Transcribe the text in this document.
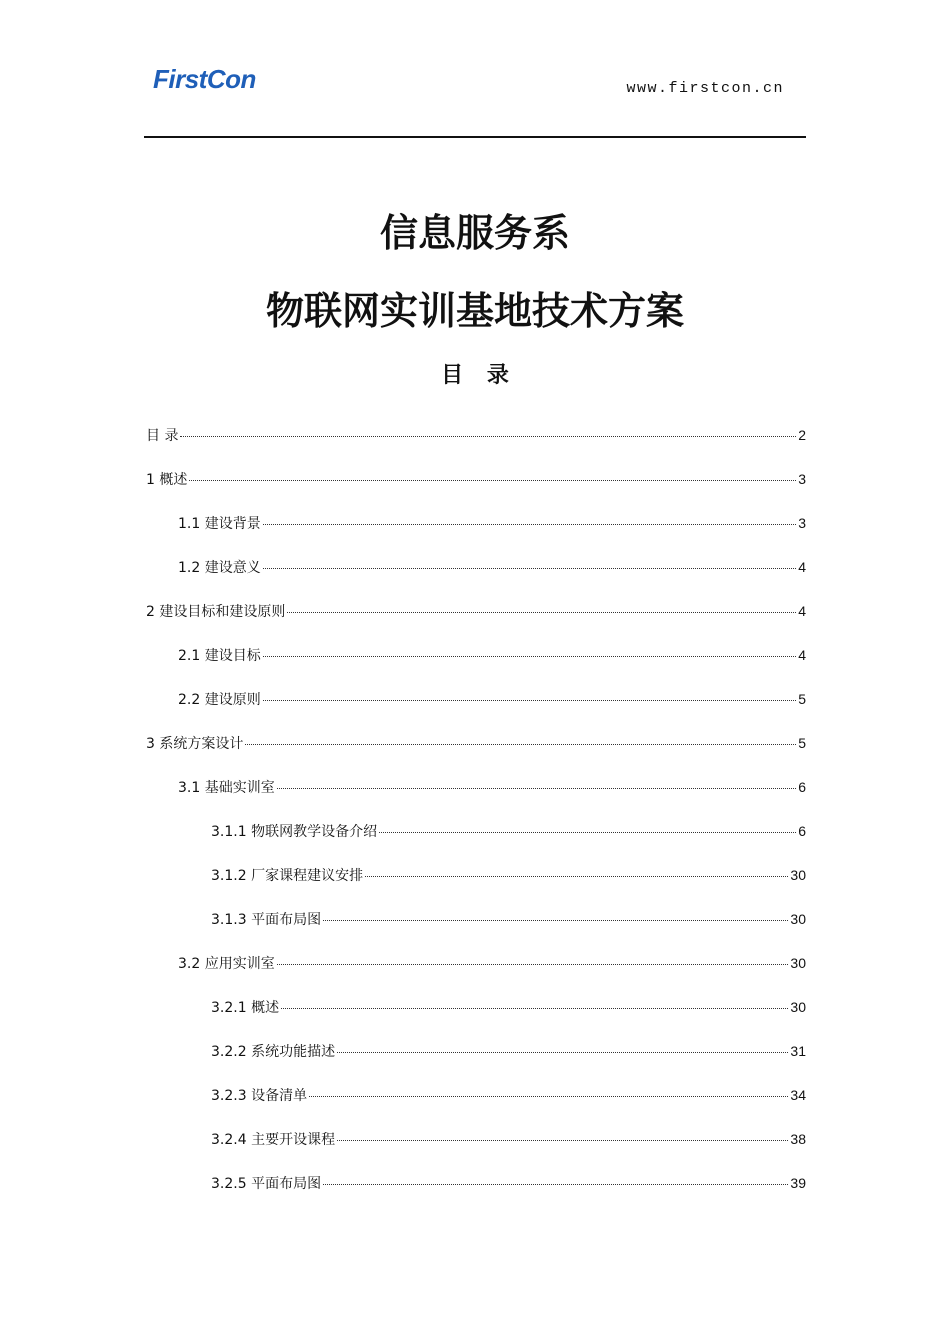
FirstCon	www.firstcon.cn
信息服务系
物联网实训基地技术方案
目 录
目 录	2
1 概述	3
1.1 建设背景	3
1.2 建设意义	4
2 建设目标和建设原则	4
2.1 建设目标	4
2.2 建设原则	5
3 系统方案设计	5
3.1 基础实训室	6
3.1.1 物联网教学设备介绍	6
3.1.2 厂家课程建议安排	30
3.1.3 平面布局图	30
3.2 应用实训室	30
3.2.1 概述	30
3.2.2 系统功能描述	31
3.2.3 设备清单	34
3.2.4 主要开设课程	38
3.2.5 平面布局图	39
